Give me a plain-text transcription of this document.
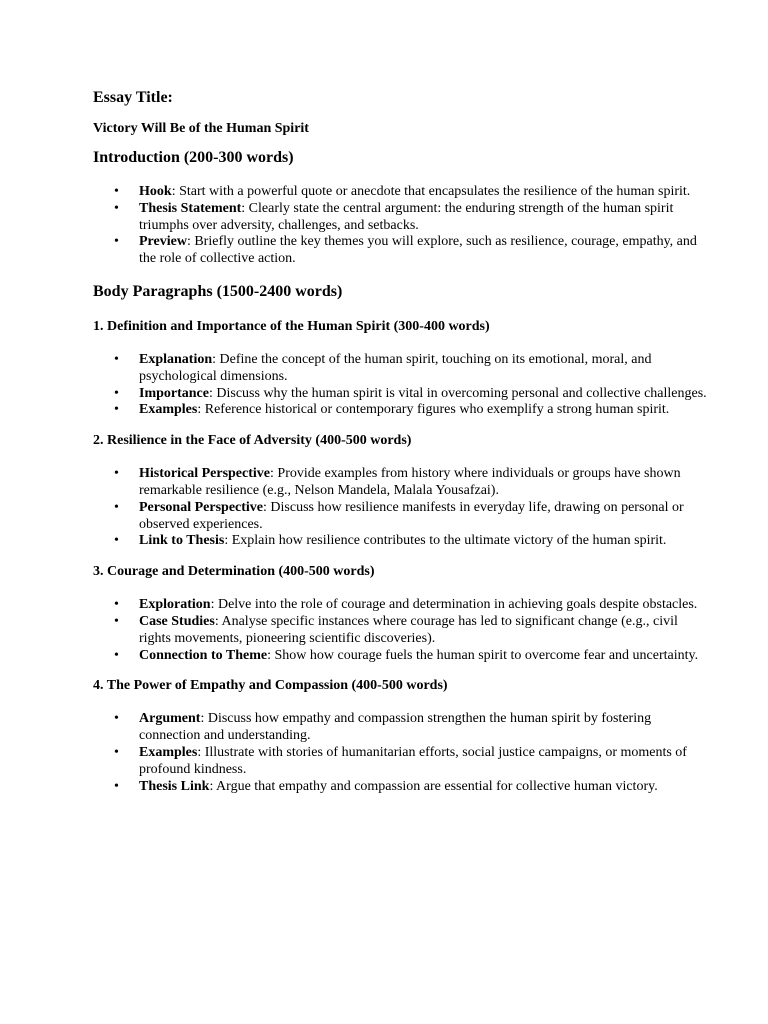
Essay Title:
Victory Will Be of the Human Spirit
Introduction (200-300 words)
• Hook: Start with a powerful quote or anecdote that encapsulates the resilience of the human spirit.
• Thesis Statement: Clearly state the central argument: the enduring strength of the human spirit triumphs over adversity, challenges, and setbacks.
• Preview: Briefly outline the key themes you will explore, such as resilience, courage, empathy, and the role of collective action.
Body Paragraphs (1500-2400 words)
1. Definition and Importance of the Human Spirit (300-400 words)
• Explanation: Define the concept of the human spirit, touching on its emotional, moral, and psychological dimensions.
• Importance: Discuss why the human spirit is vital in overcoming personal and collective challenges.
• Examples: Reference historical or contemporary figures who exemplify a strong human spirit.
2. Resilience in the Face of Adversity (400-500 words)
• Historical Perspective: Provide examples from history where individuals or groups have shown remarkable resilience (e.g., Nelson Mandela, Malala Yousafzai).
• Personal Perspective: Discuss how resilience manifests in everyday life, drawing on personal or observed experiences.
• Link to Thesis: Explain how resilience contributes to the ultimate victory of the human spirit.
3. Courage and Determination (400-500 words)
• Exploration: Delve into the role of courage and determination in achieving goals despite obstacles.
• Case Studies: Analyse specific instances where courage has led to significant change (e.g., civil rights movements, pioneering scientific discoveries).
• Connection to Theme: Show how courage fuels the human spirit to overcome fear and uncertainty.
4. The Power of Empathy and Compassion (400-500 words)
• Argument: Discuss how empathy and compassion strengthen the human spirit by fostering connection and understanding.
• Examples: Illustrate with stories of humanitarian efforts, social justice campaigns, or moments of profound kindness.
• Thesis Link: Argue that empathy and compassion are essential for collective human victory.
